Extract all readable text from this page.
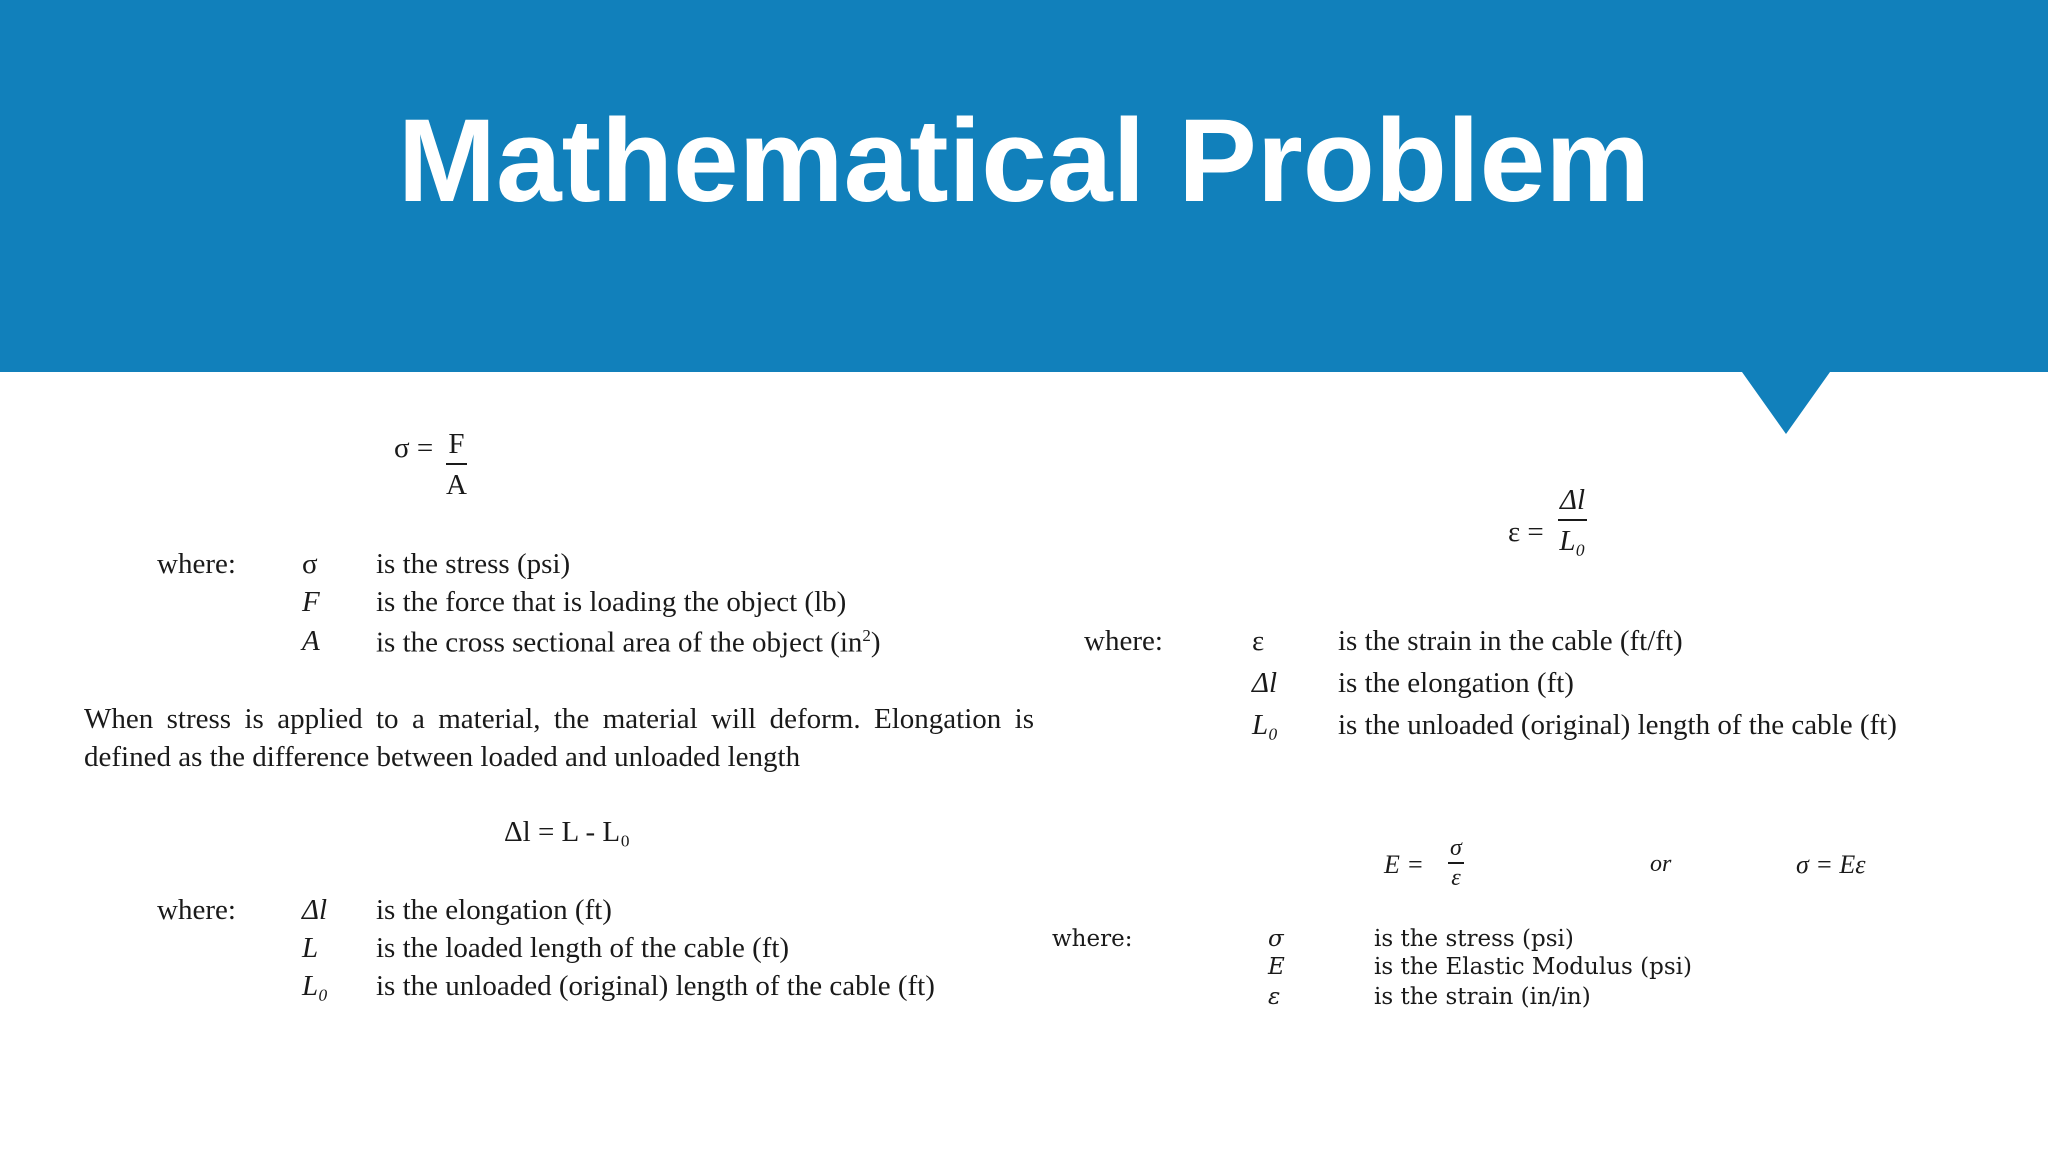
Mathematical Problem
$\sigma = \frac{F}{A}$
where: σ is the stress (psi)
F is the force that is loading the object (lb)
A is the cross sectional area of the object $(in^2)$
When stress is applied to a material, the material will deform. Elongation is defined as the difference between loaded and unloaded length
Δl = L - L₀
where: Δl is the elongation (ft)
L is the loaded length of the cable (ft)
L₀ is the unloaded (original) length of the cable (ft)
$\varepsilon = \frac{\Delta l}{\text{L₀}}$
where:	ε	is the strain in the cable (ft/ft)
Δl is the elongation (ft)
L₀ is the unloaded (original) length of the cable (ft)
$E = \frac{\sigma}{\varepsilon}$	or	σ = Eε
where:	σ	is the stress (psi)
E	is the Elastic Modulus (psi)
ε	is the strain (in/in)
